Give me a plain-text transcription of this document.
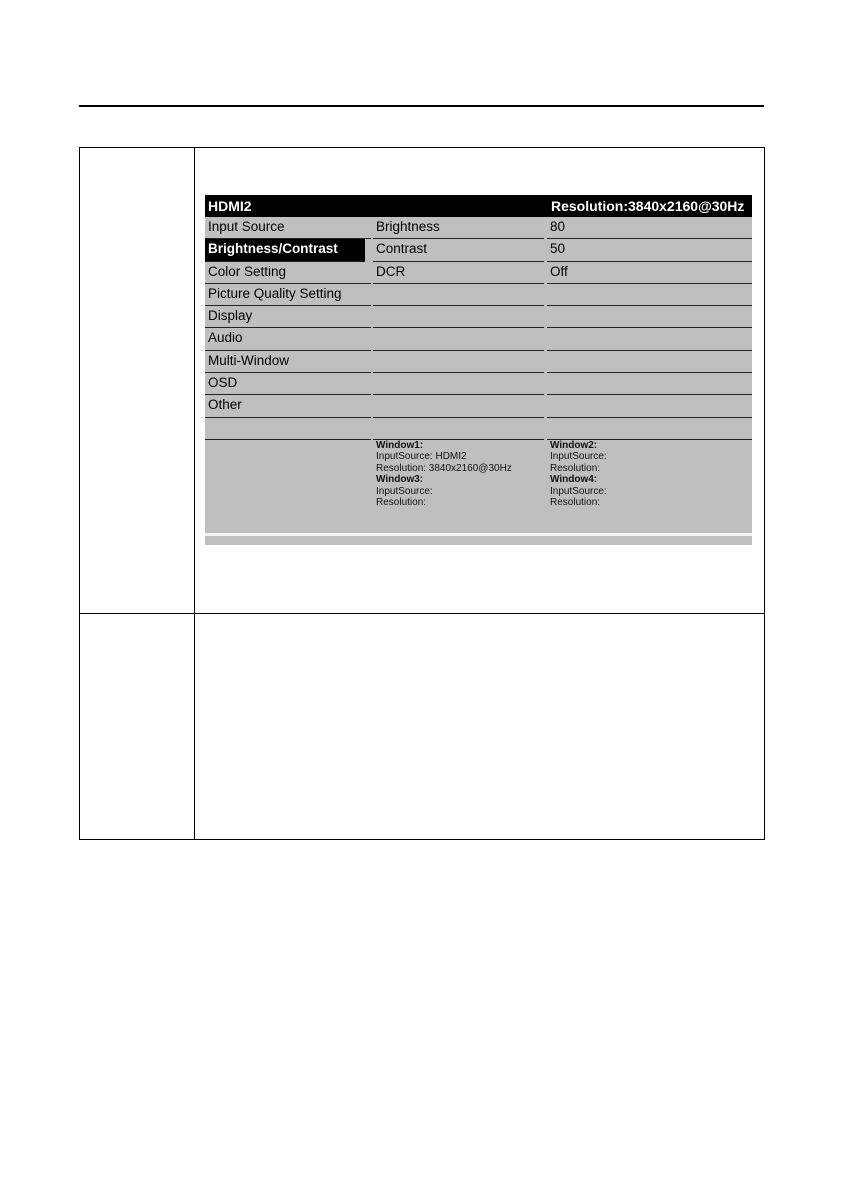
HDMI2	Resolution:3840x2160@30Hz
Input Source
Brightness/Contrast
Color Setting
Picture Quality Setting
Display
Audio
Multi-Window
OSD
Other
Brightness
Contrast
DCR
80
50
Off
Window1:
InputSource: HDMI2
Resolution: 3840x2160@30Hz
Window3:
InputSource:
Resolution:
Window2:
InputSource:
Resolution:
Window4:
InputSource:
Resolution:
